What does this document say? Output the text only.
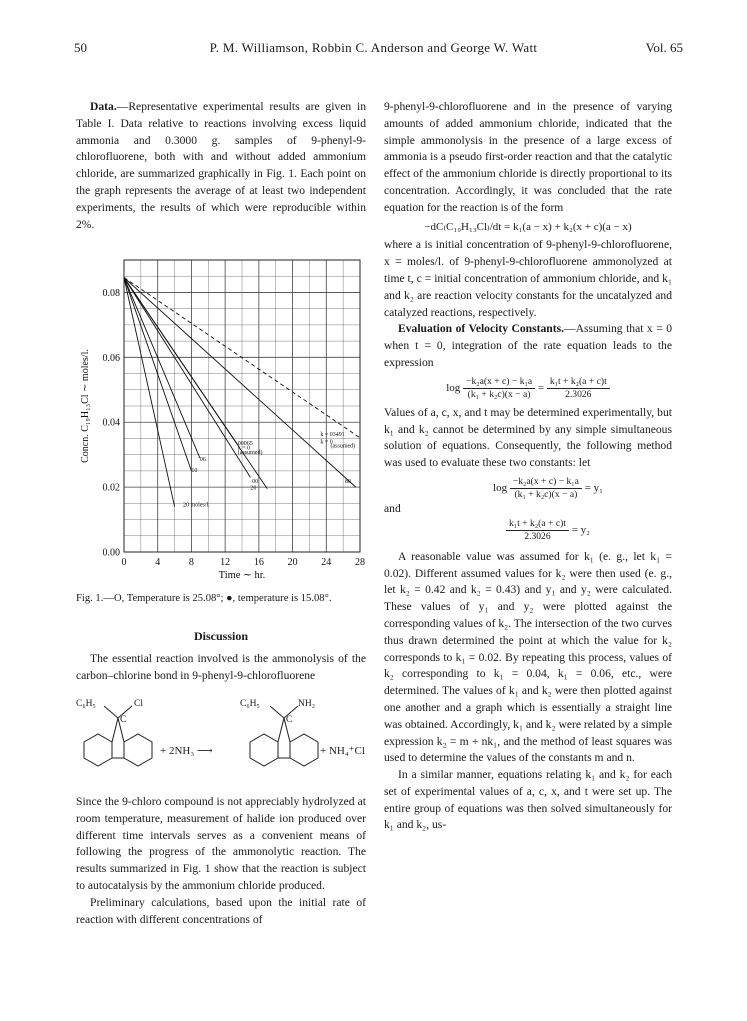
50	P. M. Williamson, Robbin C. Anderson and George W. Watt	Vol. 65

Data.—Representative experimental results are given in Table I. Data relative to reactions involving excess liquid ammonia and 0.3000 g. samples of 9-phenyl-9-chlorofluorene, both with and without added ammonium chloride, are summarized graphically in Fig. 1. Each point on the graph represents the average of at least two independent experiments, the results of which were reproducible within 2%.

0	4	8	12 16 20 24 28
0.00
0.02
0.04
0.06
0.08
Time ∼ hr.
Concn. C₁₉H₁₃Cl ∼ moles/l.	k = 03491
k = 0
00065
k = 0
(assumed)
(assumed)
00
20
06
10
20 moles/l.
80
Fig. 1.—O, Temperature is 25.08°; ●, temperature is 15.08°.

Discussion

The essential reaction involved is the ammonolysis of the carbon–chlorine bond in 9-phenyl-9-chlorofluorene

C₆H₅	Cl
C
+ 2NH₃ ⟶
C₆H₅	NH₂
C
+ NH₄⁺Cl

Since the 9-chloro compound is not appreciably hydrolyzed at room temperature, measurement of halide ion produced over different time intervals serves as a convenient means of following the progress of the ammonolytic reaction. The results summarized in Fig. 1 show that the reaction is subject to autocatalysis by the ammonium chloride produced.

Preliminary calculations, based upon the initial rate of reaction with different concentrations of

9-phenyl-9-chlorofluorene and in the presence of varying amounts of added ammonium chloride, indicated that the simple ammonolysis in the presence of a large excess of ammonia is a pseudo first-order reaction and that the catalytic effect of the ammonium chloride is directly proportional to its concentration. Accordingly, it was concluded that the rate equation for the reaction is of the form

−dC₍C₁₉H₁₃Cl₎/dt = k₁(a − x) + k₂(x + c)(a − x)

where a is initial concentration of 9-phenyl-9-chlorofluorene, x = moles/l. of 9-phenyl-9-chlorofluorene ammonolyzed at time t, c = initial concentration of ammonium chloride, and k₁ and k₂ are reaction velocity constants for the uncatalyzed and catalyzed reactions, respectively.

Evaluation of Velocity Constants.—Assuming that x = 0 when t = 0, integration of the rate equation leads to the expression

$\log \frac{\text{−k₂a(x + c) − k₁a}}{\text{(k₁ + k₂c)(x − a)}} = \frac{\text{k₁t + k₂(a + c)t}}{2.3026}$

Values of a, c, x, and t may be determined experimentally, but k₁ and k₂ cannot be determined by any simple simultaneous solution of equations. Consequently, the following method was used to evaluate these two constants: let

$\log \frac{\text{−k₂a(x + c) − k₁a}}{\text{(k₁ + k₂c)(x − a)}} = y_1$

and

$\frac{\text{k₁t + k₂(a + c)t}}{2.3026} = y_2$

A reasonable value was assumed for k₁ (e. g., let k₁ = 0.02). Different assumed values for k₂ were then used (e. g., let k₂ = 0.42 and k₂ = 0.43) and y₁ and y₂ were calculated. These values of y₁ and y₂ were plotted against the corresponding values of k₂. The intersection of the two curves thus drawn determined the point at which the value for k₂ corresponds to k₁ = 0.02. By repeating this process, values of k₂ corresponding to k₁ = 0.04, k₁ = 0.06, etc., were determined. The values of k₁ and k₂ were then plotted against one another and a graph which is essentially a straight line was obtained. Accordingly, k₁ and k₂ were related by a simple expression k₂ = m + nk₁, and the method of least squares was used to determine the values of the constants m and n.

In a similar manner, equations relating k₁ and k₂ for each set of experimental values of a, c, x, and t were set up. The entire group of equations was then solved simultaneously for k₁ and k₂, us-
